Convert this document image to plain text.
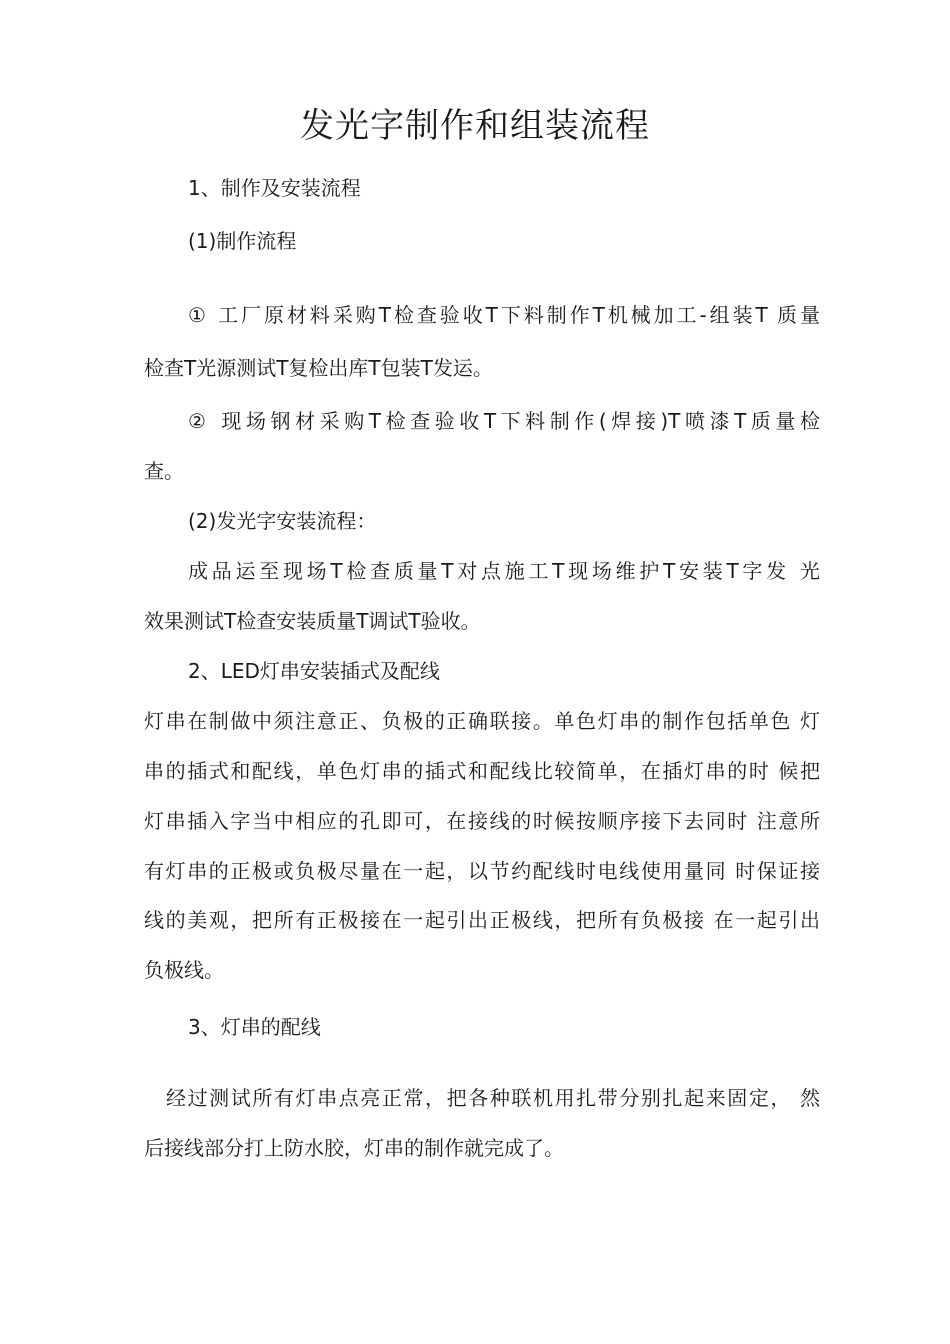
发光字制作和组装流程
1、制作及安装流程
(1)制作流程
① 工厂原材料采购T检查验收T下料制作T机械加工-组装T 质量
检查T光源测试T复检出库T包装T发运。
② 现场钢材采购T检查验收T下料制作(焊接)T喷漆T质量检
查。
(2)发光字安装流程：
成品运至现场T检查质量T对点施工T现场维护T安装T字发 光
效果测试T检查安装质量T调试T验收。
2、LED灯串安装插式及配线
灯串在制做中须注意正、负极的正确联接。单色灯串的制作包括单色 灯
串的插式和配线，单色灯串的插式和配线比较简单，在插灯串的时 候把
灯串插入字当中相应的孔即可，在接线的时候按顺序接下去同时 注意所
有灯串的正极或负极尽量在一起，以节约配线时电线使用量同 时保证接
线的美观，把所有正极接在一起引出正极线，把所有负极接 在一起引出
负极线。
3、灯串的配线
经过测试所有灯串点亮正常，把各种联机用扎带分别扎起来固定， 然
后接线部分打上防水胶，灯串的制作就完成了。
